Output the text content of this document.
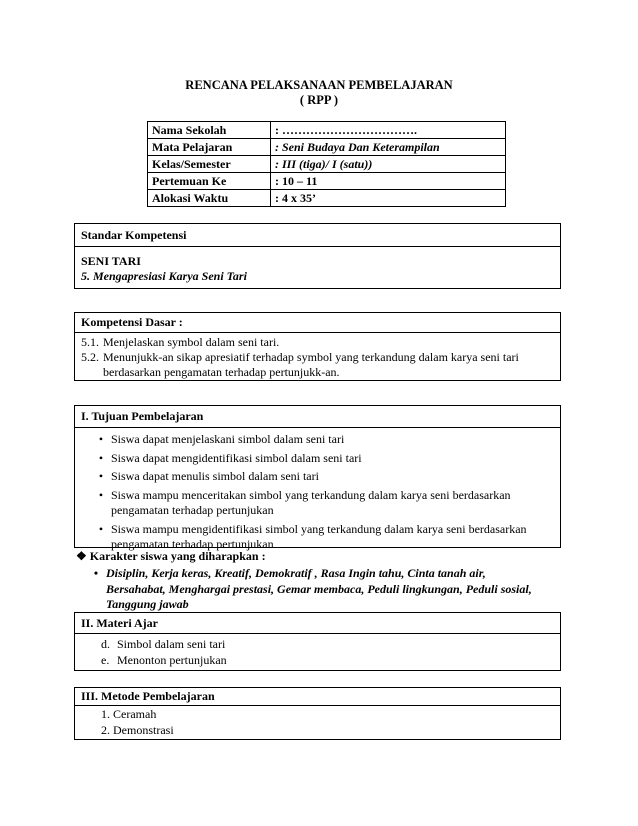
RENCANA PELAKSANAAN PEMBELAJARAN
( RPP )
Nama Sekolah	: …………………………….
Mata Pelajaran	: Seni Budaya Dan Keterampilan
Kelas/Semester	: III (tiga)/ I (satu))
Pertemuan Ke	: 10 – 11
Alokasi Waktu	: 4 x 35’
Standar Kompetensi
SENI TARI
5. Mengapresiasi Karya Seni Tari
Kompetensi Dasar :
5.1. Menjelaskan symbol dalam seni tari.
5.2. Menunjukk-an sikap apresiatif terhadap symbol yang terkandung dalam karya seni tari
berdasarkan pengamatan terhadap pertunjukk-an.
I. Tujuan Pembelajaran
• Siswa dapat menjelaskani simbol dalam seni tari
• Siswa dapat mengidentifikasi simbol dalam seni tari
• Siswa dapat menulis simbol dalam seni tari
• Siswa mampu menceritakan simbol yang terkandung dalam karya seni berdasarkan
pengamatan terhadap pertunjukan
• Siswa mampu mengidentifikasi simbol yang terkandung dalam karya seni berdasarkan
pengamatan terhadap pertunjukan
❖ Karakter siswa yang diharapkan :
• Disiplin, Kerja keras, Kreatif, Demokratif , Rasa Ingin tahu, Cinta tanah air,
Bersahabat, Menghargai prestasi, Gemar membaca, Peduli lingkungan, Peduli sosial,
Tanggung jawab
II. Materi Ajar
d. Simbol dalam seni tari
e. Menonton pertunjukan
III. Metode Pembelajaran
1. Ceramah
2. Demonstrasi
